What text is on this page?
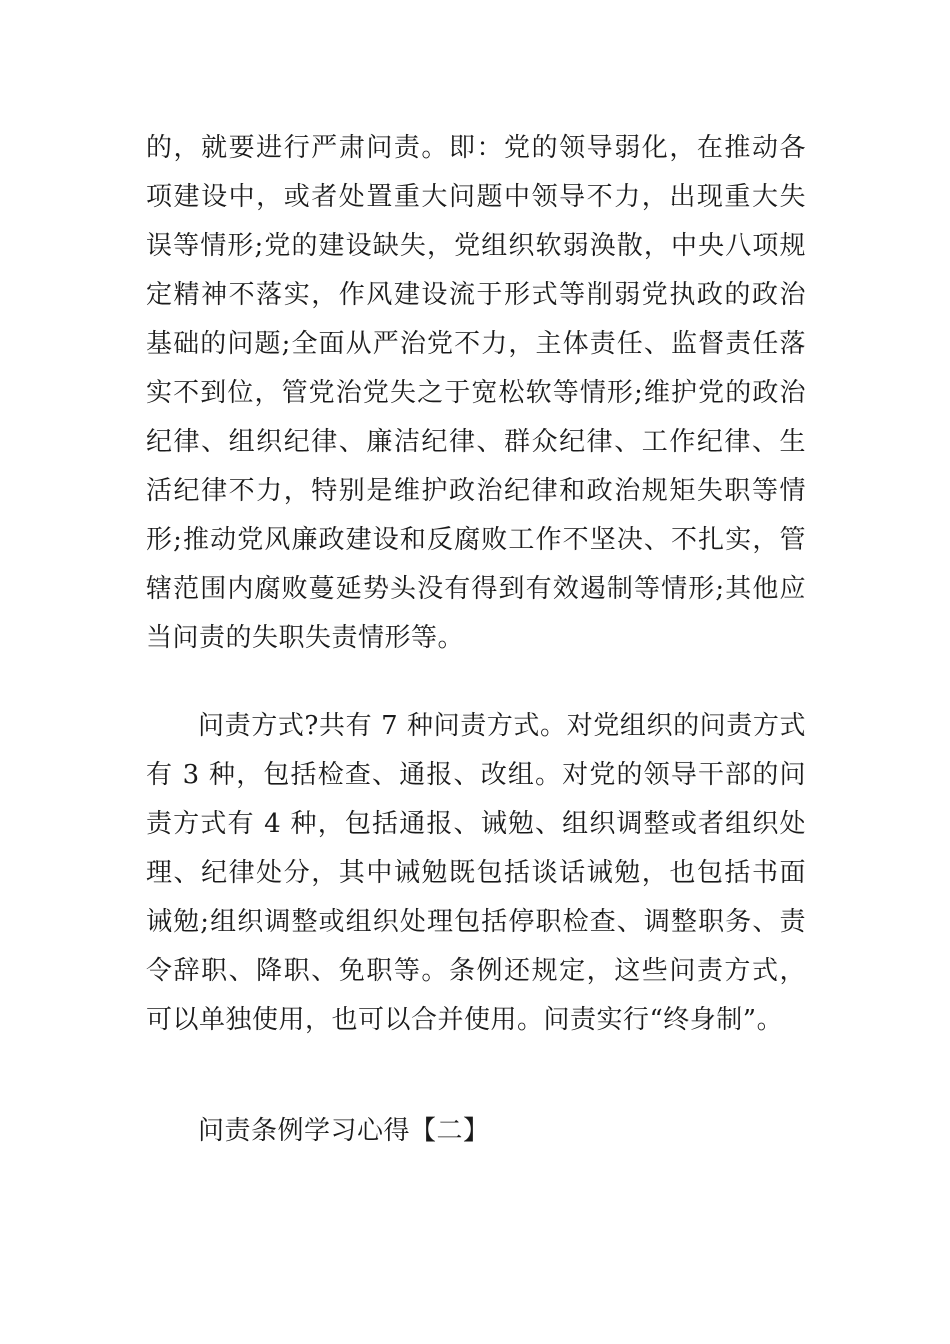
的，就要进行严肃问责。即：党的领导弱化，在推动各项建设中，或者处置重大问题中领导不力，出现重大失误等情形;党的建设缺失，党组织软弱涣散，中央八项规定精神不落实，作风建设流于形式等削弱党执政的政治基础的问题;全面从严治党不力，主体责任、监督责任落实不到位，管党治党失之于宽松软等情形;维护党的政治纪律、组织纪律、廉洁纪律、群众纪律、工作纪律、生活纪律不力，特别是维护政治纪律和政治规矩失职等情形;推动党风廉政建设和反腐败工作不坚决、不扎实，管辖范围内腐败蔓延势头没有得到有效遏制等情形;其他应当问责的失职失责情形等。

问责方式?共有 7 种问责方式。对党组织的问责方式有 3 种，包括检查、通报、改组。对党的领导干部的问责方式有 4 种，包括通报、诫勉、组织调整或者组织处理、纪律处分，其中诫勉既包括谈话诫勉，也包括书面诫勉;组织调整或组织处理包括停职检查、调整职务、责令辞职、降职、免职等。条例还规定，这些问责方式，可以单独使用，也可以合并使用。问责实行“终身制”。

问责条例学习心得【二】
